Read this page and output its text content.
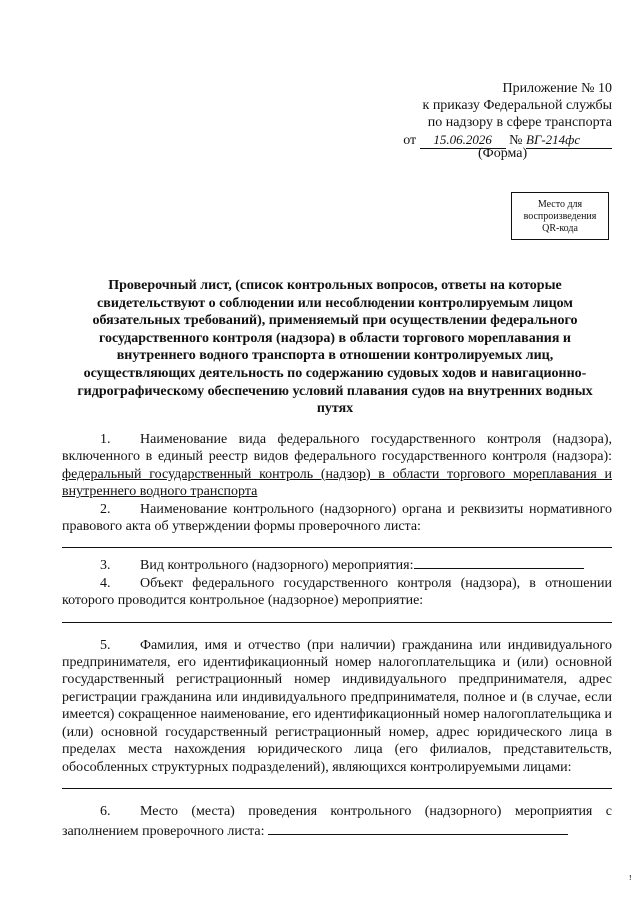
Приложение № 10
к приказу Федеральной службы
по надзору в сфере транспорта
от 15.06.2026 № ВГ-214фс
(Форма)
Место для
воспроизведения
QR-кода
Проверочный лист, (список контрольных вопросов, ответы на которые свидетельствуют о соблюдении или несоблюдении контролируемым лицом обязательных требований), применяемый при осуществлении федерального государственного контроля (надзора) в области торгового мореплавания и внутреннего водного транспорта в отношении контролируемых лиц, осуществляющих деятельность по содержанию судовых ходов и навигационно-гидрографическому обеспечению условий плавания судов на внутренних водных путях

1. Наименование вида федерального государственного контроля (надзора), включенного в единый реестр видов федерального государственного контроля (надзора): федеральный государственный контроль (надзор) в области торгового мореплавания и внутреннего водного транспорта

2. Наименование контрольного (надзорного) органа и реквизиты нормативного правового акта об утверждении формы проверочного листа:

3. Вид контрольного (надзорного) мероприятия:

4. Объект федерального государственного контроля (надзора), в отношении которого проводится контрольное (надзорное) мероприятие:

5. Фамилия, имя и отчество (при наличии) гражданина или индивидуального предпринимателя, его идентификационный номер налогоплательщика и (или) основной государственный регистрационный номер индивидуального предпринимателя, адрес регистрации гражданина или индивидуального предпринимателя, полное и (в случае, если имеется) сокращенное наименование, его идентификационный номер налогоплательщика и (или) основной государственный регистрационный номер, адрес юридического лица в пределах места нахождения юридического лица (его филиалов, представительств, обособленных структурных подразделений), являющихся контролируемыми лицами:

6. Место (места) проведения контрольного (надзорного) мероприятия с заполнением проверочного листа:

ꜝ
